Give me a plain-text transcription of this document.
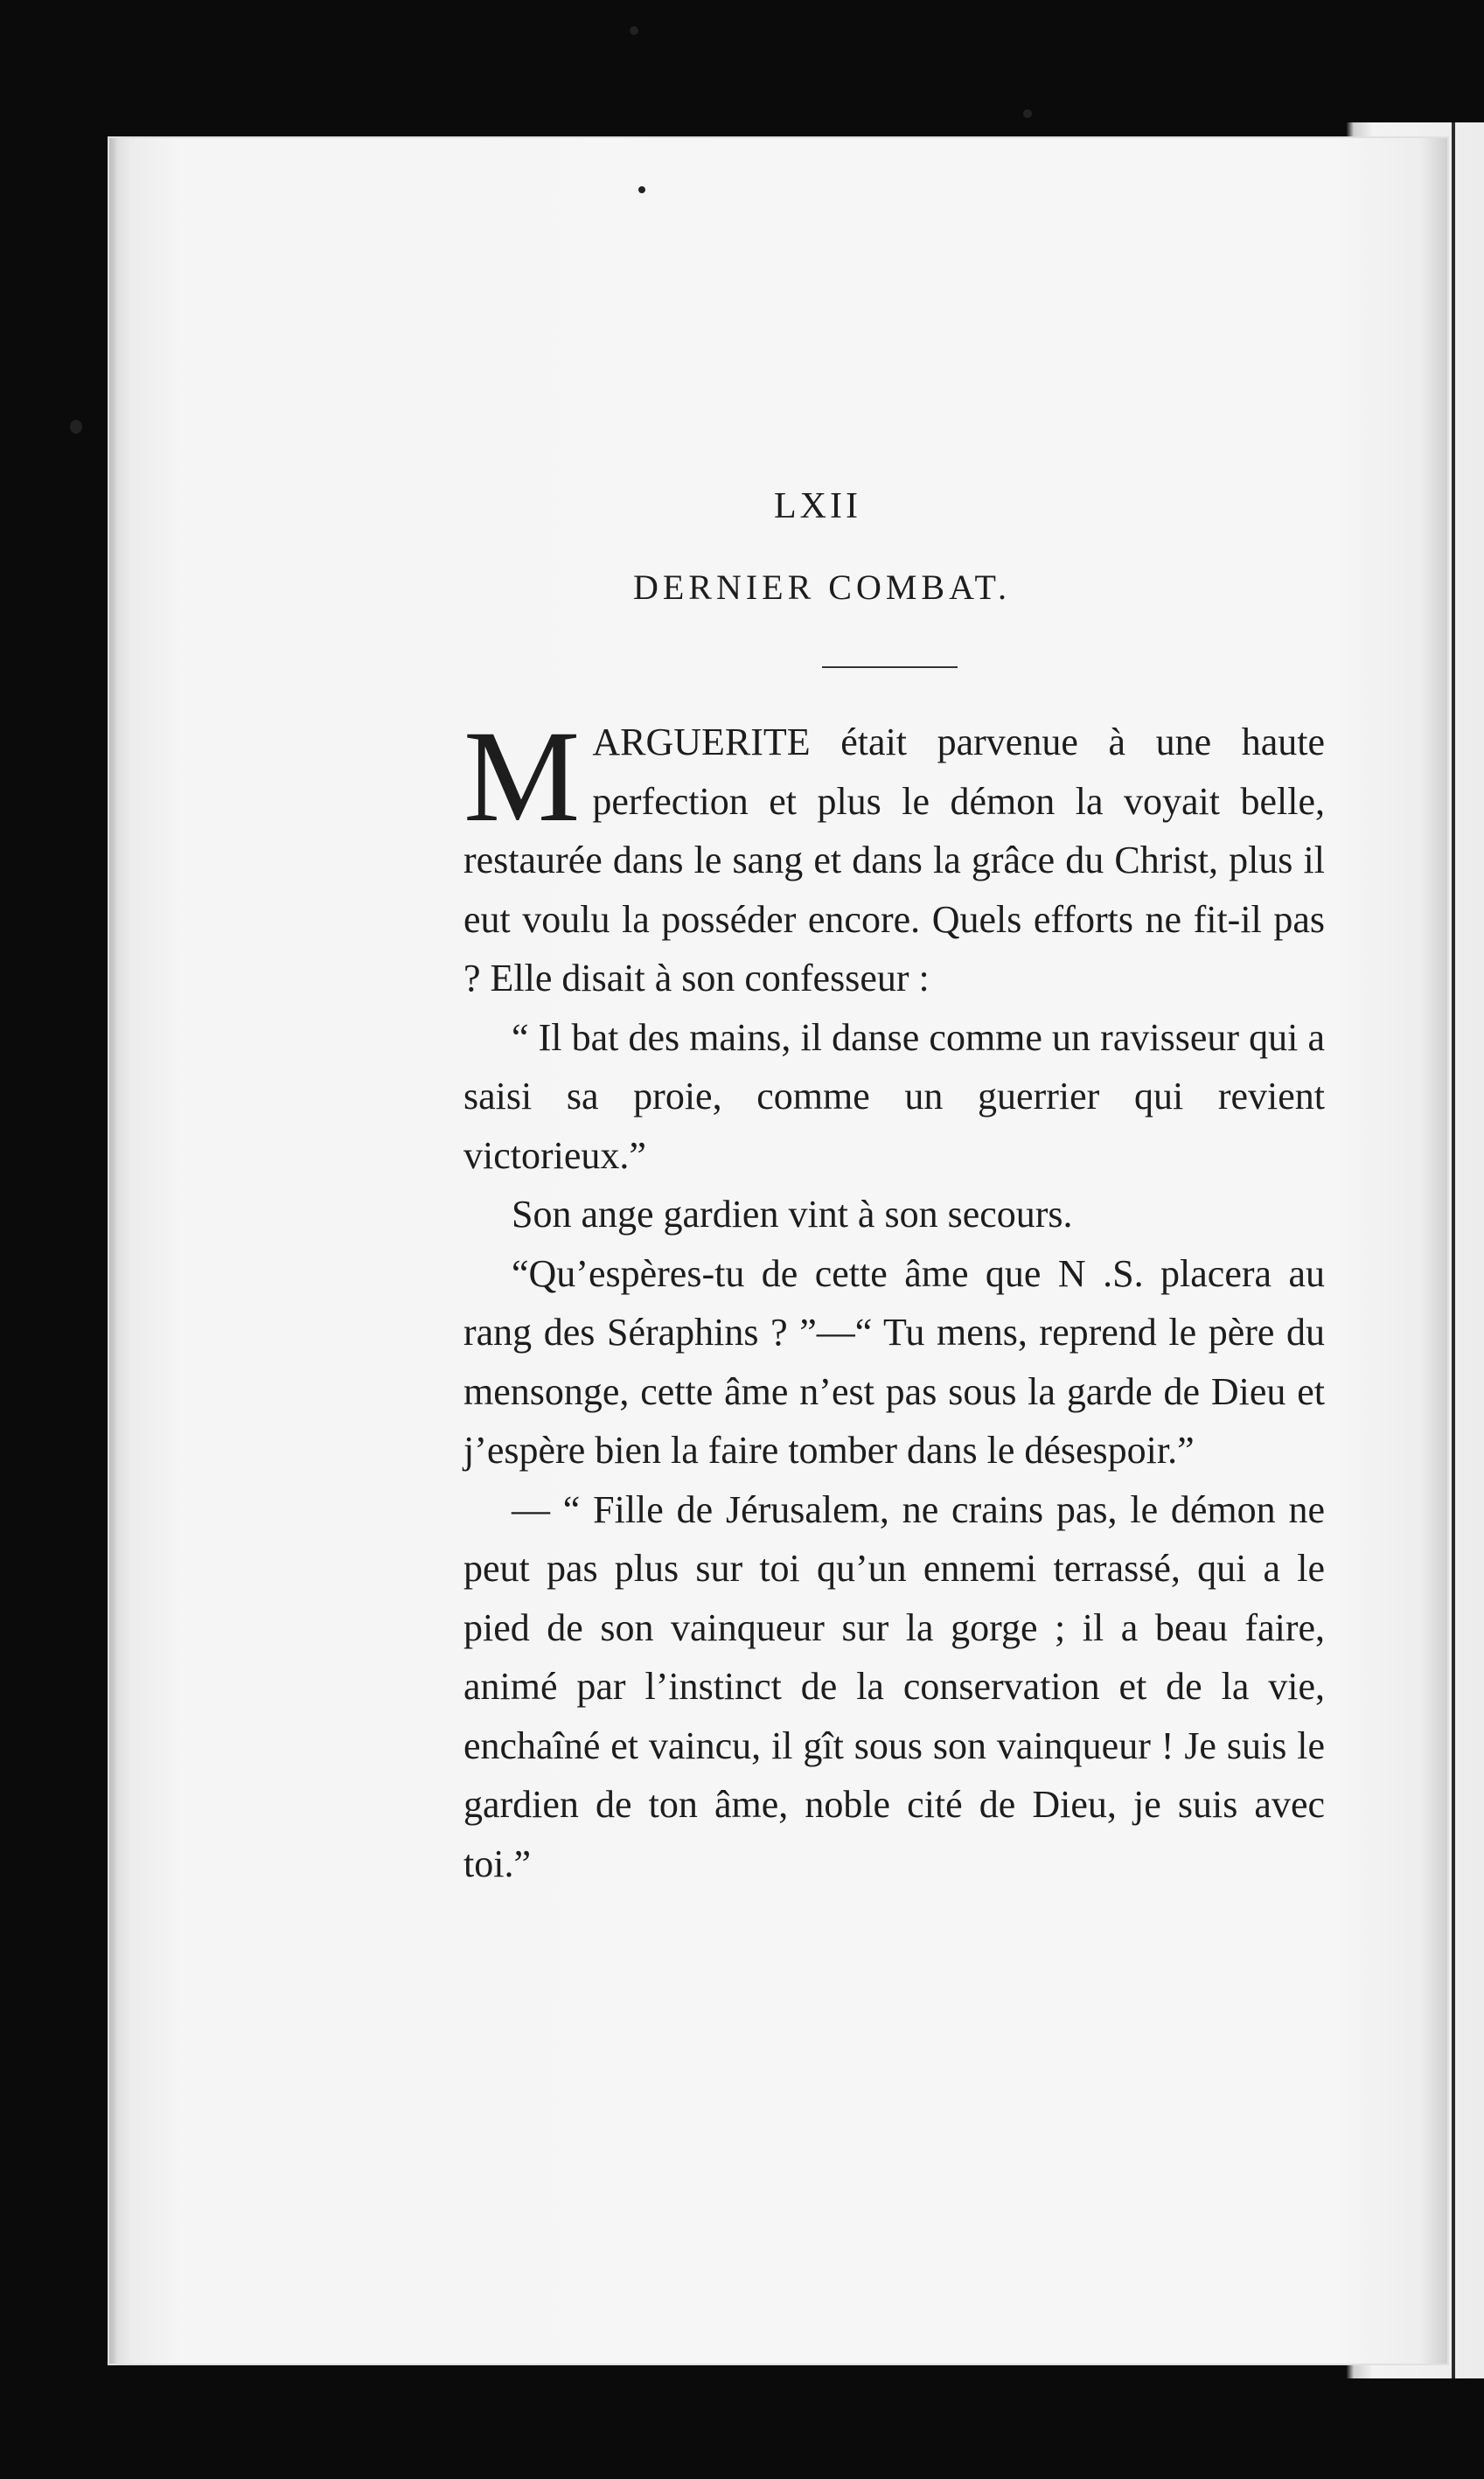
LXII
DERNIER COMBAT.

MARGUERITE était parvenue à une haute perfection et plus le démon la voyait belle, restaurée dans le sang et dans la grâce du Christ, plus il eut voulu la posséder encore. Quels efforts ne fit-il pas ? Elle disait à son confesseur :

“ Il bat des mains, il danse comme un ravisseur qui a saisi sa proie, comme un guerrier qui revient victorieux.”

Son ange gardien vint à son secours.

“Qu’espères-tu de cette âme que N .S. placera au rang des Séraphins ? ”—“ Tu mens, reprend le père du mensonge, cette âme n’est pas sous la garde de Dieu et j’espère bien la faire tomber dans le désespoir.”

— “ Fille de Jérusalem, ne crains pas, le démon ne peut pas plus sur toi qu’un ennemi terrassé, qui a le pied de son vainqueur sur la gorge ; il a beau faire, animé par l’instinct de la conservation et de la vie, enchaîné et vaincu, il gît sous son vainqueur ! Je suis le gardien de ton âme, noble cité de Dieu, je suis avec toi.”
